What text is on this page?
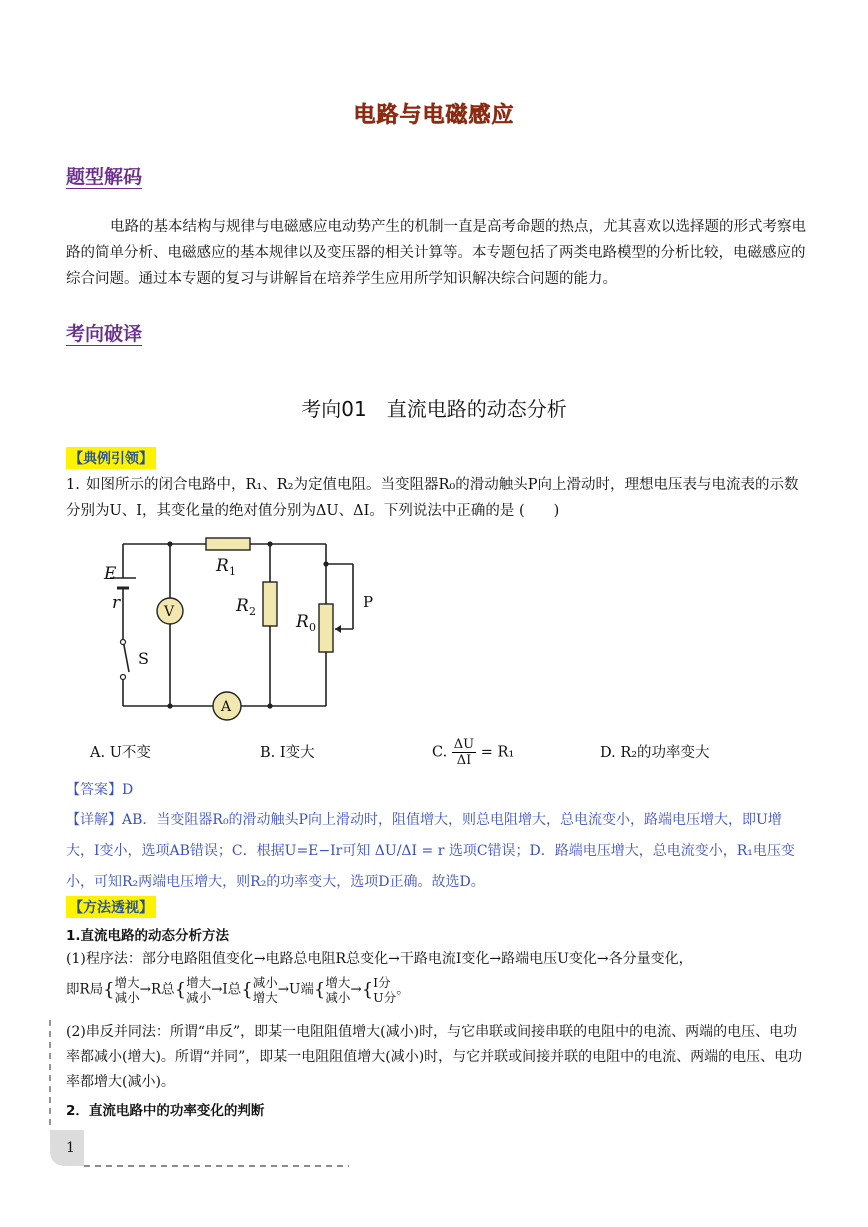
电路与电磁感应
题型解码
电路的基本结构与规律与电磁感应电动势产生的机制一直是高考命题的热点，尤其喜欢以选择题的形式考察电路的简单分析、电磁感应的基本规律以及变压器的相关计算等。本专题包括了两类电路模型的分析比较，电磁感应的综合问题。通过本专题的复习与讲解旨在培养学生应用所学知识解决综合问题的能力。
考向破译
考向01　直流电路的动态分析
【典例引领】
1. 如图所示的闭合电路中，R₁、R₂为定值电阻。当变阻器R₀的滑动触头P向上滑动时，理想电压表与电流表的示数分别为U、I，其变化量的绝对值分别为ΔU、ΔI。下列说法中正确的是 (　　)
V
A
E
r
S
R 1
R 2
R 0
P
A. U不变	B. I变大	C. $\frac{\Delta U}{\Delta I} = R_1$	D. R₂的功率变大
【答案】D
【详解】AB．当变阻器R₀的滑动触头P向上滑动时，阻值增大，则总电阻增大，总电流变小，路端电压增大，即U增大，I变小，选项AB错误；C．根据U=E−Ir可知 ΔU/ΔI = r 选项C错误；D．路端电压增大，总电流变小，R₁电压变小，可知R₂两端电压增大，则R₂的功率变大，选项D正确。故选D。
【方法透视】
1.直流电路的动态分析方法
(1)程序法：部分电路阻值变化→电路总电阻R总变化→干路电流I变化→路端电压U变化→各分量变化，
即R局{增大
减小→R总{增大
减小→I总{减小
增大→U端{增大
减小→{I分
U分。
(2)串反并同法：所谓“串反”，即某一电阻阻值增大(减小)时，与它串联或间接串联的电阻中的电流、两端的电压、电功率都减小(增大)。所谓“并同”，即某一电阻阻值增大(减小)时，与它并联或间接并联的电阻中的电流、两端的电压、电功率都增大(减小)。
2．直流电路中的功率变化的判断
1
